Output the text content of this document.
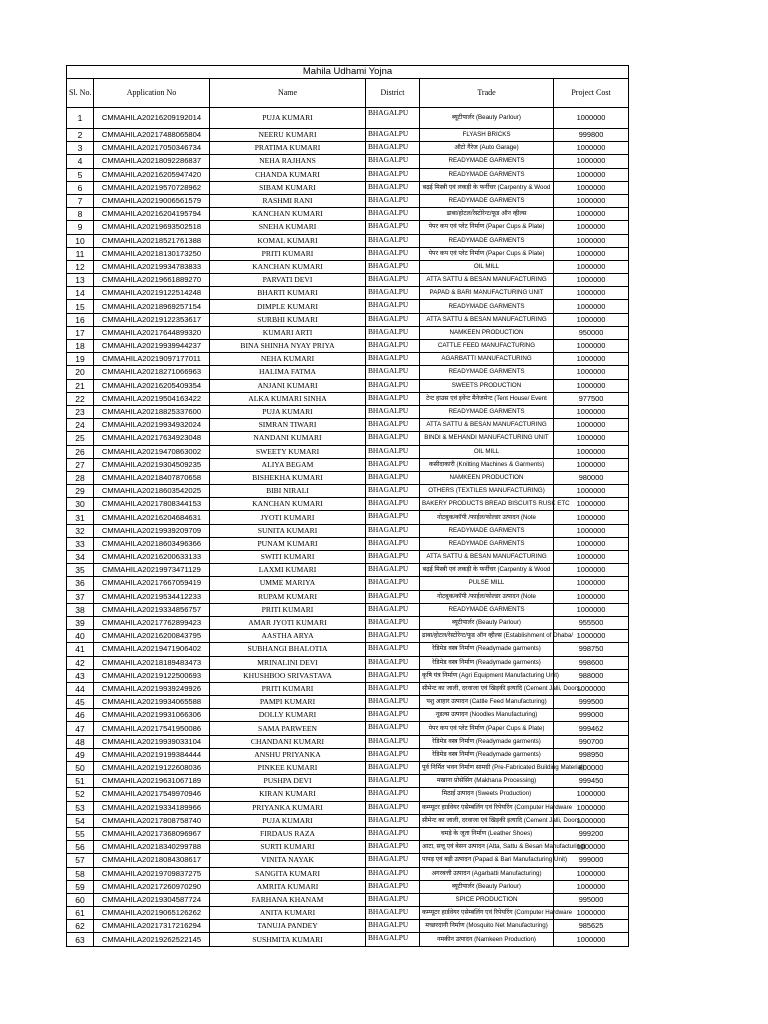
Mahila Udhami Yojna					
Sl. No.	Application No	Name	District	Trade	Project Cost
1	CMMAHILA20216209192014	PUJA KUMARI	BHAGALPU	ब्यूटीपार्लर (Beauty Parlour)	1000000
2	CMMAHILA20217488065804	NEERU KUMARI	BHAGALPU	FLYASH BRICKS	999800
3	CMMAHILA20217050346734	PRATIMA KUMARI	BHAGALPU	ऑटो गैरेज (Auto Garage)	1000000
4	CMMAHILA20218092286837	NEHA RAJHANS	BHAGALPU	READYMADE GARMENTS	1000000
5	CMMAHILA20216205947420	CHANDA KUMARI	BHAGALPU	READYMADE GARMENTS	1000000
6	CMMAHILA20219570728962	SIBAM KUMARI	BHAGALPU	बढ़ई मिस्त्री एवं लकड़ी के फर्नीचर (Carpentry & Wood	1000000
7	CMMAHILA20219006561579	RASHMI RANI	BHAGALPU	READYMADE GARMENTS	1000000
8	CMMAHILA20216204195794	KANCHAN KUMARI	BHAGALPU	ढाबा/होटल/रेस्टोरेन्ट/फूड ऑन व्हील्स	1000000
9	CMMAHILA20219693502518	SNEHA KUMARI	BHAGALPU	पेपर कप एवं प्लेट निर्माण (Paper Cups & Plate)	1000000
10	CMMAHILA20218521761388	KOMAL KUMARI	BHAGALPU	READYMADE GARMENTS	1000000
11	CMMAHILA20218130173250	PRITI KUMARI	BHAGALPU	पेपर कप एवं प्लेट निर्माण (Paper Cups & Plate)	1000000
12	CMMAHILA20219934783833	KANCHAN KUMARI	BHAGALPU	OIL MILL	1000000
13	CMMAHILA20219661889270	PARVATI DEVI	BHAGALPU	ATTA SATTU & BESAN MANUFACTURING	1000000
14	CMMAHILA20219122514248	BHARTI KUMARI	BHAGALPU	PAPAD & BARI MANUFACTURING UNIT	1000000
15	CMMAHILA20218969257154	DIMPLE KUMARI	BHAGALPU	READYMADE GARMENTS	1000000
16	CMMAHILA20219122353617	SURBHI KUMARI	BHAGALPU	ATTA SATTU & BESAN MANUFACTURING	1000000
17	CMMAHILA20217644899320	KUMARI ARTI	BHAGALPU	NAMKEEN PRODUCTION	950000
18	CMMAHILA20219939944237	BINA SHINHA NYAY PRIYA	BHAGALPU	CATTLE FEED MANUFACTURING	1000000
19	CMMAHILA20219097177011	NEHA KUMARI	BHAGALPU	AGARBATTI MANUFACTURING	1000000
20	CMMAHILA20218271066963	HALIMA FATMA	BHAGALPU	READYMADE GARMENTS	1000000
21	CMMAHILA20216205409354	ANJANI KUMARI	BHAGALPU	SWEETS PRODUCTION	1000000
22	CMMAHILA20219504163422	ALKA KUMARI SINHA	BHAGALPU	टेन्ट हाउस एवं इवेंन्ट मैनेजमेन्ट (Tent House/ Event	977500
23	CMMAHILA20218825337600	PUJA KUMARI	BHAGALPU	READYMADE GARMENTS	1000000
24	CMMAHILA20219934932024	SIMRAN TIWARI	BHAGALPU	ATTA SATTU & BESAN MANUFACTURING	1000000
25	CMMAHILA20217634923048	NANDANI KUMARI	BHAGALPU	BINDI & MEHANDI MANUFACTURING UNIT	1000000
26	CMMAHILA20219470863002	SWEETY KUMARI	BHAGALPU	OIL MILL	1000000
27	CMMAHILA20219304509235	ALIYA BEGAM	BHAGALPU	कसीदाकारी (Knitting Machines & Garments)	1000000
28	CMMAHILA20218407870658	BISHEKHA KUMARI	BHAGALPU	NAMKEEN PRODUCTION	980000
29	CMMAHILA20218603542025	BIBI NIRALI	BHAGALPU	OTHERS (TEXTILES MANUFACTURING)	1000000
30	CMMAHILA20217808344153	KANCHAN KUMARI	BHAGALPU	BAKERY PRODUCTS BREAD BISCUITS RUSK ETC	1000000
31	CMMAHILA20216204684631	JYOTI KUMARI	BHAGALPU	नोटबुक/कॉपी /फाईल/फोल्डर उत्पादन (Note	1000000
32	CMMAHILA20219939209709	SUNITA KUMARI	BHAGALPU	READYMADE GARMENTS	1000000
33	CMMAHILA20218603496366	PUNAM KUMARI	BHAGALPU	READYMADE GARMENTS	1000000
34	CMMAHILA20216200633133	SWITI KUMARI	BHAGALPU	ATTA SATTU & BESAN MANUFACTURING	1000000
35	CMMAHILA20219973471129	LAXMI KUMARI	BHAGALPU	बढ़ई मिस्त्री एवं लकड़ी के फर्नीचर (Carpentry & Wood	1000000
36	CMMAHILA20217667059419	UMME MARIYA	BHAGALPU	PULSE MILL	1000000
37	CMMAHILA20219534412233	RUPAM KUMARI	BHAGALPU	नोटबुक/कॉपी /फाईल/फोल्डर उत्पादन (Note	1000000
38	CMMAHILA20219334856757	PRITI KUMARI	BHAGALPU	READYMADE GARMENTS	1000000
39	CMMAHILA20217762899423	AMAR JYOTI KUMARI	BHAGALPU	ब्यूटीपार्लर (Beauty Parlour)	955500
40	CMMAHILA20216200843795	AASTHA ARYA	BHAGALPU	ढाबा/होटल/रेस्टोरेन्ट/फूड ऑन व्हील्स (Establishment of Dhaba/	1000000
41	CMMAHILA20219471906402	SUBHANGI BHALOTIA	BHAGALPU	रेडिमेड वस्त्र निर्माण (Readymade garments)	998750
42	CMMAHILA20218189483473	MRINALINI DEVI	BHAGALPU	रेडिमेड वस्त्र निर्माण (Readymade garments)	998600
43	CMMAHILA20219122500693	KHUSHBOO SRIVASTAVA	BHAGALPU	कृषि यंत्र निर्माण (Agri Equipment Manufacturing Unit)	988000
44	CMMAHILA20219939249926	PRITI KUMARI	BHAGALPU	सीमेन्ट का जाली, दरवाजा एवं खिड़की इत्यादि (Cement Jalli, Doors,	1000000
45	CMMAHILA20219934065588	PAMPI KUMARI	BHAGALPU	पशु आहार उत्पादन (Cattle Feed Manufacturing)	999500
46	CMMAHILA20219931066306	DOLLY KUMARI	BHAGALPU	नूडल्स उत्पादन (Noodles Manufacturing)	999000
47	CMMAHILA20217541950086	SAMA PARWEEN	BHAGALPU	पेपर कप एवं प्लेट निर्माण (Paper Cups & Plate)	999462
48	CMMAHILA20219939033104	CHANDANI KUMARI	BHAGALPU	रेडिमेड वस्त्र निर्माण (Readymade garments)	990700
49	CMMAHILA20219199384444	ANSHU PRIYANKA	BHAGALPU	रेडिमेड वस्त्र निर्माण (Readymade garments)	998950
50	CMMAHILA20219122608036	PINKEE KUMARI	BHAGALPU	पूर्व निर्मित भवन निर्माण सामग्री (Pre-Fabricated Building Material)	800000
51	CMMAHILA20219631067189	PUSHPA DEVI	BHAGALPU	मखाना प्रोसेसिंग (Makhana Processing)	999450
52	CMMAHILA20217549970946	KIRAN KUMARI	BHAGALPU	मिठाई उत्पादन (Sweets Production)	1000000
53	CMMAHILA20219334189966	PRIYANKA KUMARI	BHAGALPU	कम्प्यूटर हार्डवेयर एसेम्बलिंग एवं रिपेयरिंग (Computer Hardware	1000000
54	CMMAHILA20217808758740	PUJA KUMARI	BHAGALPU	सीमेन्ट का जाली, दरवाजा एवं खिड़की इत्यादि (Cement Jalli, Doors,	1000000
55	CMMAHILA20217368096967	FIRDAUS RAZA	BHAGALPU	चमड़े के जूता निर्माण (Leather Shoes)	999200
56	CMMAHILA20218340299788	SURTI KUMARI	BHAGALPU	आटा, सत्तू एवं बेसन उत्पादन (Atta, Sattu & Besan Manufacturing)	1000000
57	CMMAHILA20218084308617	VINITA NAYAK	BHAGALPU	पापड़ एवं बड़ी उत्पादन (Papad & Bari Manufacturing Unit)	999000
58	CMMAHILA20219709837275	SANGITA KUMARI	BHAGALPU	अगरबत्ती उत्पादन (Agarbatti Manufacturing)	1000000
59	CMMAHILA20217260970290	AMRITA KUMARI	BHAGALPU	ब्यूटीपार्लर (Beauty Parlour)	1000000
60	CMMAHILA20219304587724	FARHANA KHANAM	BHAGALPU	SPICE PRODUCTION	995000
61	CMMAHILA20219065126262	ANITA KUMARI	BHAGALPU	कम्प्यूटर हार्डवेयर एसेम्बलिंग एवं रिपेयरिंग (Computer Hardware	1000000
62	CMMAHILA20217317216294	TANUJA PANDEY	BHAGALPU	मच्छरदानी निर्माण (Mosquito Net Manufacturing)	985625
63	CMMAHILA20219262522145	SUSHMITA KUMARI	BHAGALPU	नमकीन उत्पादन (Namkeen Production)	1000000
